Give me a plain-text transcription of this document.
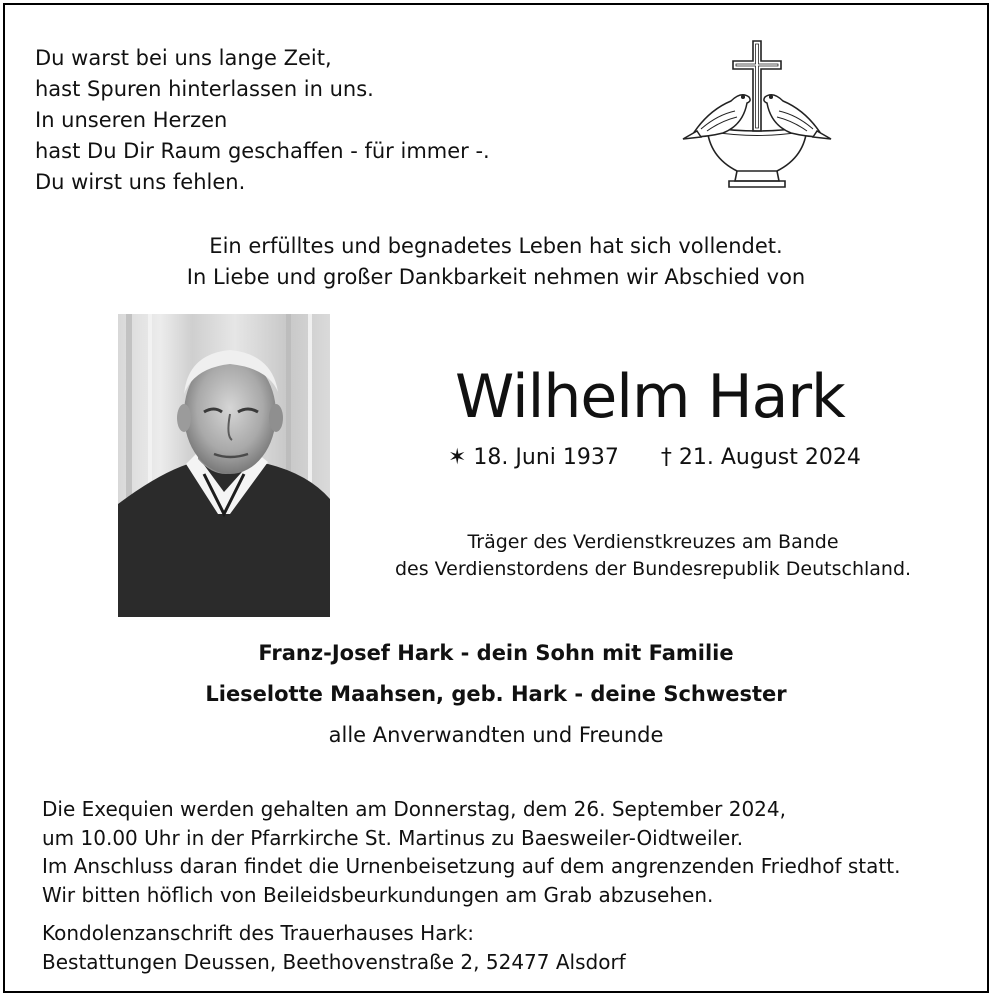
Du warst bei uns lange Zeit,
hast Spuren hinterlassen in uns.
In unseren Herzen
hast Du Dir Raum geschaffen - für immer -.
Du wirst uns fehlen.
Ein erfülltes und begnadetes Leben hat sich vollendet.
In Liebe und großer Dankbarkeit nehmen wir Abschied von
Wilhelm Hark
✶ 18. Juni 1937 † 21. August 2024
Träger des Verdienstkreuzes am Bande
des Verdienstordens der Bundesrepublik Deutschland.
Franz-Josef Hark - dein Sohn mit Familie
Lieselotte Maahsen, geb. Hark - deine Schwester
alle Anverwandten und Freunde
Die Exequien werden gehalten am Donnerstag, dem 26. September 2024,
um 10.00 Uhr in der Pfarrkirche St. Martinus zu Baesweiler-Oidtweiler.
Im Anschluss daran findet die Urnenbeisetzung auf dem angrenzenden Friedhof statt.
Wir bitten höflich von Beileidsbeurkundungen am Grab abzusehen.
Kondolenzanschrift des Trauerhauses Hark:
Bestattungen Deussen, Beethovenstraße 2, 52477 Alsdorf
